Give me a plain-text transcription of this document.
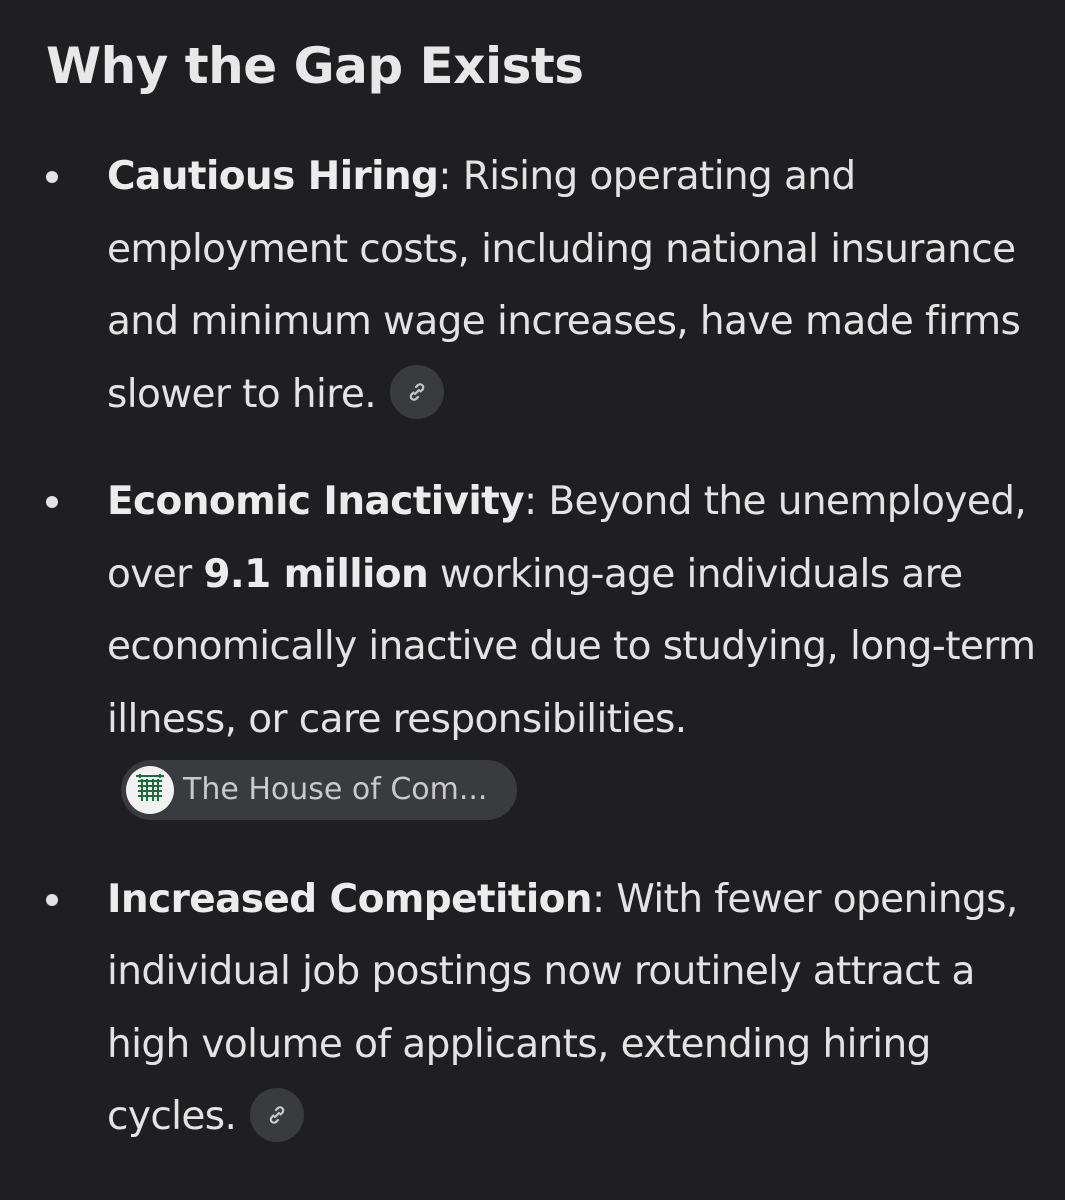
Why the Gap Exists
Cautious Hiring: Rising operating and employment costs, including national insurance and minimum wage increases, have made firms slower to hire.
Economic Inactivity: Beyond the unemployed, over 9.1 million working-age individuals are economically inactive due to studying, long-term illness, or care responsibilities.
The House of Com...
Increased Competition: With fewer openings, individual job postings now routinely attract a high volume of applicants, extending hiring cycles.
